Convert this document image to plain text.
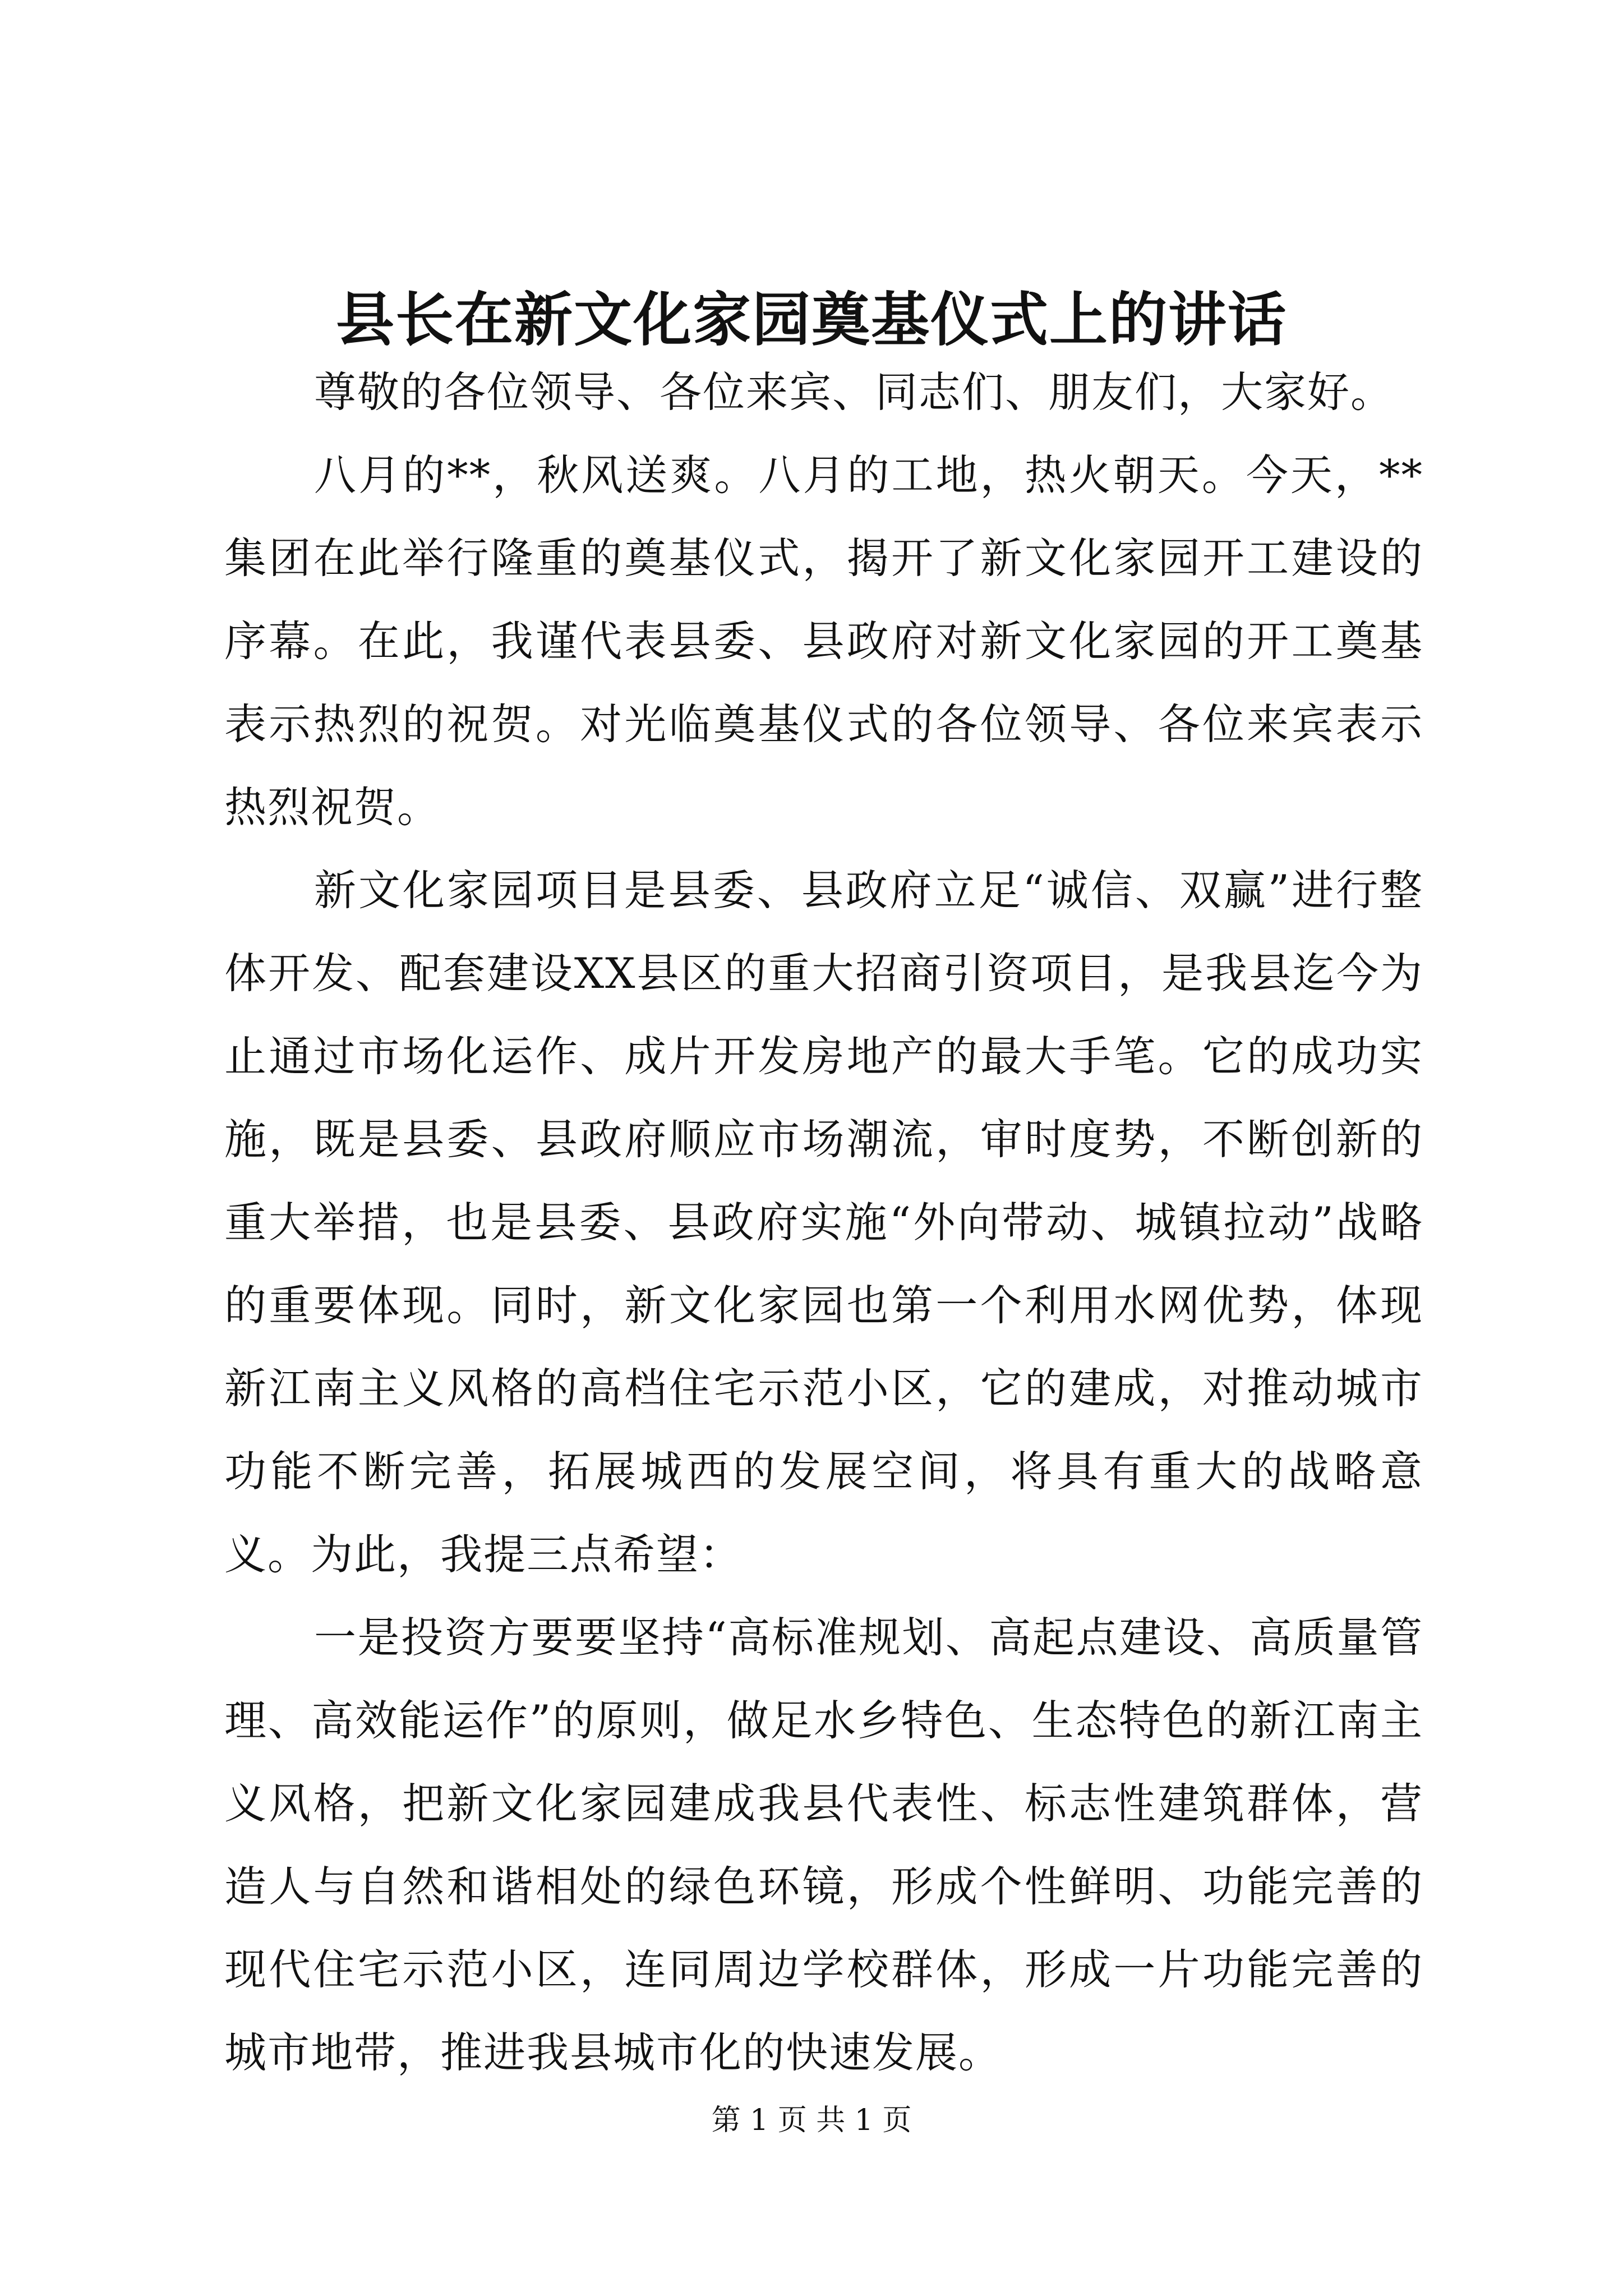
县长在新文化家园奠基仪式上的讲话

尊敬的各位领导、各位来宾、同志们、朋友们，大家好。

八月的**，秋风送爽。八月的工地，热火朝天。今天，**集团在此举行隆重的奠基仪式，揭开了新文化家园开工建设的序幕。在此，我谨代表县委、县政府对新文化家园的开工奠基表示热烈的祝贺。对光临奠基仪式的各位领导、各位来宾表示热烈祝贺。

新文化家园项目是县委、县政府立足“诚信、双赢”进行整体开发、配套建设XX县区的重大招商引资项目，是我县迄今为止通过市场化运作、成片开发房地产的最大手笔。它的成功实施，既是县委、县政府顺应市场潮流，审时度势，不断创新的重大举措，也是县委、县政府实施“外向带动、城镇拉动”战略的重要体现。同时，新文化家园也第一个利用水网优势，体现新江南主义风格的高档住宅示范小区，它的建成，对推动城市功能不断完善，拓展城西的发展空间，将具有重大的战略意义。为此，我提三点希望：

一是投资方要要坚持“高标准规划、高起点建设、高质量管理、高效能运作”的原则，做足水乡特色、生态特色的新江南主义风格，把新文化家园建成我县代表性、标志性建筑群体，营造人与自然和谐相处的绿色环镜，形成个性鲜明、功能完善的现代住宅示范小区，连同周边学校群体，形成一片功能完善的城市地带，推进我县城市化的快速发展。

第 1 页 共 1 页
